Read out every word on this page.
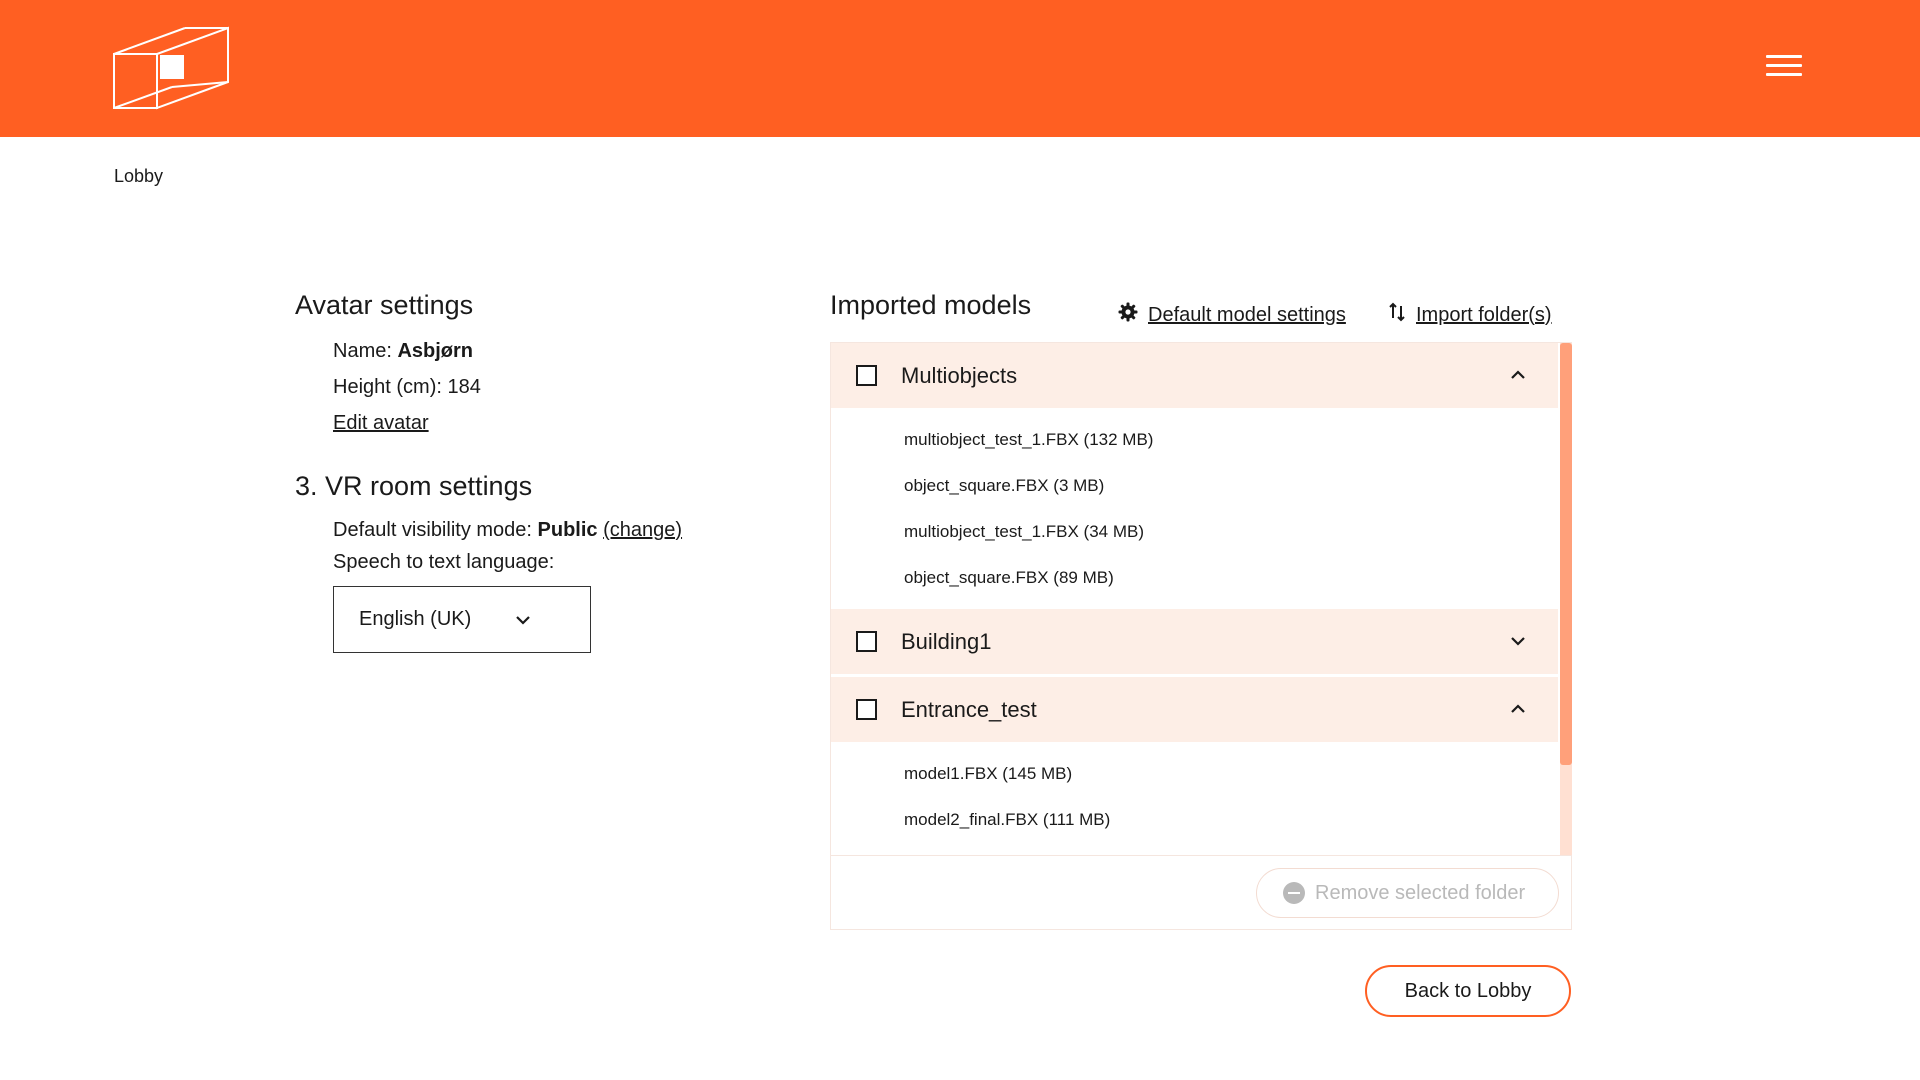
Lobby
Avatar settings
Name: Asbjørn
Height (cm): 184
Edit avatar
3. VR room settings
Default visibility mode: Public (change)
Speech to text language:
English (UK)
Imported models	Default model settings	Import folder(s)
Multiobjects
multiobject_test_1.FBX (132 MB)
object_square.FBX (3 MB)
multiobject_test_1.FBX (34 MB)
object_square.FBX (89 MB)
Building1
Entrance_test
model1.FBX (145 MB)
model2_final.FBX (111 MB)
Remove selected folder
Back to Lobby
